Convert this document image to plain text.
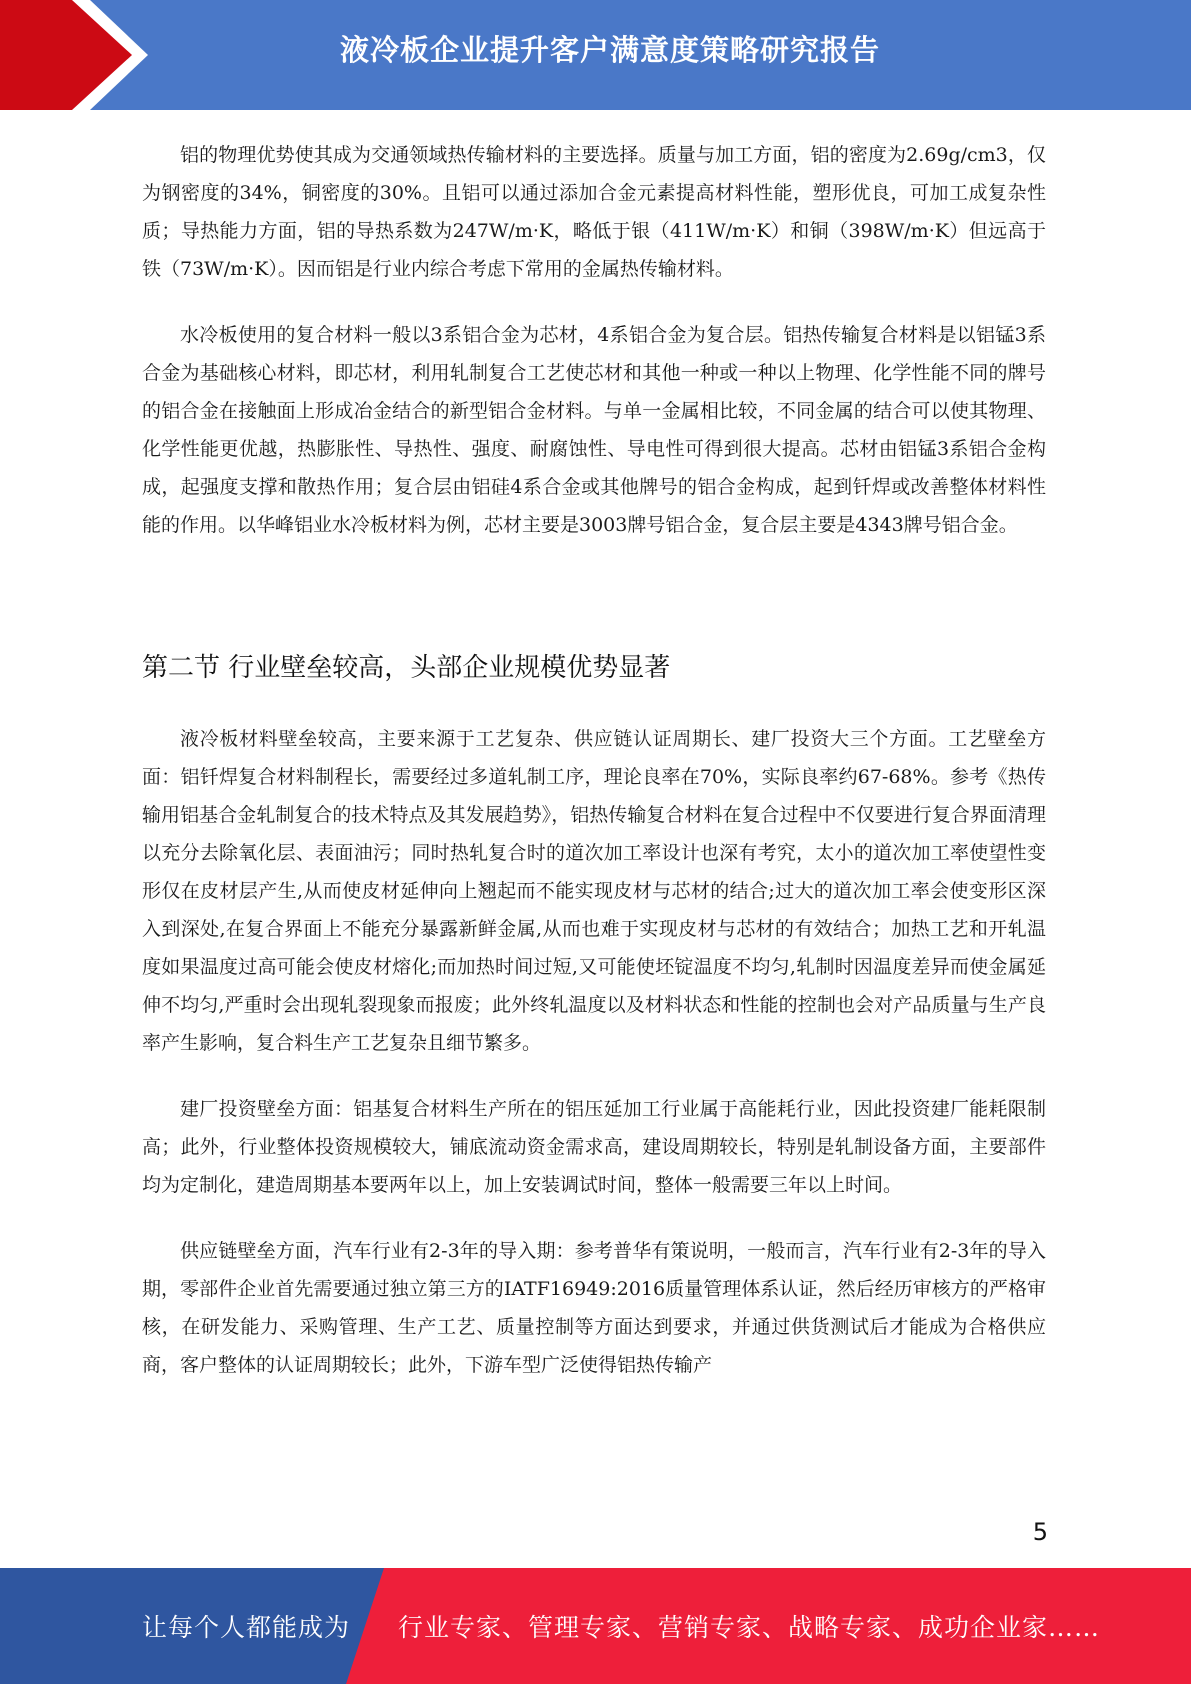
液冷板企业提升客户满意度策略研究报告

铝的物理优势使其成为交通领域热传输材料的主要选择。质量与加工方面，铝的密度为2.69g/cm3，仅为钢密度的34%，铜密度的30%。且铝可以通过添加合金元素提高材料性能，塑形优良，可加工成复杂性质；导热能力方面，铝的导热系数为247W/m·K，略低于银（411W/m·K）和铜（398W/m·K）但远高于铁（73W/m·K）。因而铝是行业内综合考虑下常用的金属热传输材料。

水冷板使用的复合材料一般以3系铝合金为芯材，4系铝合金为复合层。铝热传输复合材料是以铝锰3系合金为基础核心材料，即芯材，利用轧制复合工艺使芯材和其他一种或一种以上物理、化学性能不同的牌号的铝合金在接触面上形成冶金结合的新型铝合金材料。与单一金属相比较，不同金属的结合可以使其物理、化学性能更优越，热膨胀性、导热性、强度、耐腐蚀性、导电性可得到很大提高。芯材由铝锰3系铝合金构成，起强度支撑和散热作用；复合层由铝硅4系合金或其他牌号的铝合金构成，起到钎焊或改善整体材料性能的作用。以华峰铝业水冷板材料为例，芯材主要是3003牌号铝合金，复合层主要是4343牌号铝合金。

第二节 行业壁垒较高，头部企业规模优势显著

液冷板材料壁垒较高，主要来源于工艺复杂、供应链认证周期长、建厂投资大三个方面。工艺壁垒方面：铝钎焊复合材料制程长，需要经过多道轧制工序，理论良率在70%，实际良率约67-68%。参考《热传输用铝基合金轧制复合的技术特点及其发展趋势》，铝热传输复合材料在复合过程中不仅要进行复合界面清理以充分去除氧化层、表面油污；同时热轧复合时的道次加工率设计也深有考究，太小的道次加工率使望性变形仅在皮材层产生,从而使皮材延伸向上翘起而不能实现皮材与芯材的结合;过大的道次加工率会使变形区深入到深处,在复合界面上不能充分暴露新鲜金属,从而也难于实现皮材与芯材的有效结合；加热工艺和开轧温度如果温度过高可能会使皮材熔化;而加热时间过短,又可能使坯锭温度不均匀,轧制时因温度差异而使金属延伸不均匀,严重时会出现轧裂现象而报废；此外终轧温度以及材料状态和性能的控制也会对产品质量与生产良率产生影响，复合料生产工艺复杂且细节繁多。

建厂投资壁垒方面：铝基复合材料生产所在的铝压延加工行业属于高能耗行业，因此投资建厂能耗限制高；此外，行业整体投资规模较大，铺底流动资金需求高，建设周期较长，特别是轧制设备方面，主要部件均为定制化，建造周期基本要两年以上，加上安装调试时间，整体一般需要三年以上时间。

供应链壁垒方面，汽车行业有2-3年的导入期：参考普华有策说明，一般而言，汽车行业有2-3年的导入期，零部件企业首先需要通过独立第三方的IATF16949:2016质量管理体系认证，然后经历审核方的严格审核，在研发能力、采购管理、生产工艺、质量控制等方面达到要求，并通过供货测试后才能成为合格供应商，客户整体的认证周期较长；此外，下游车型广泛使得铝热传输产

5
让每个人都能成为 行业专家、管理专家、营销专家、战略专家、成功企业家……
